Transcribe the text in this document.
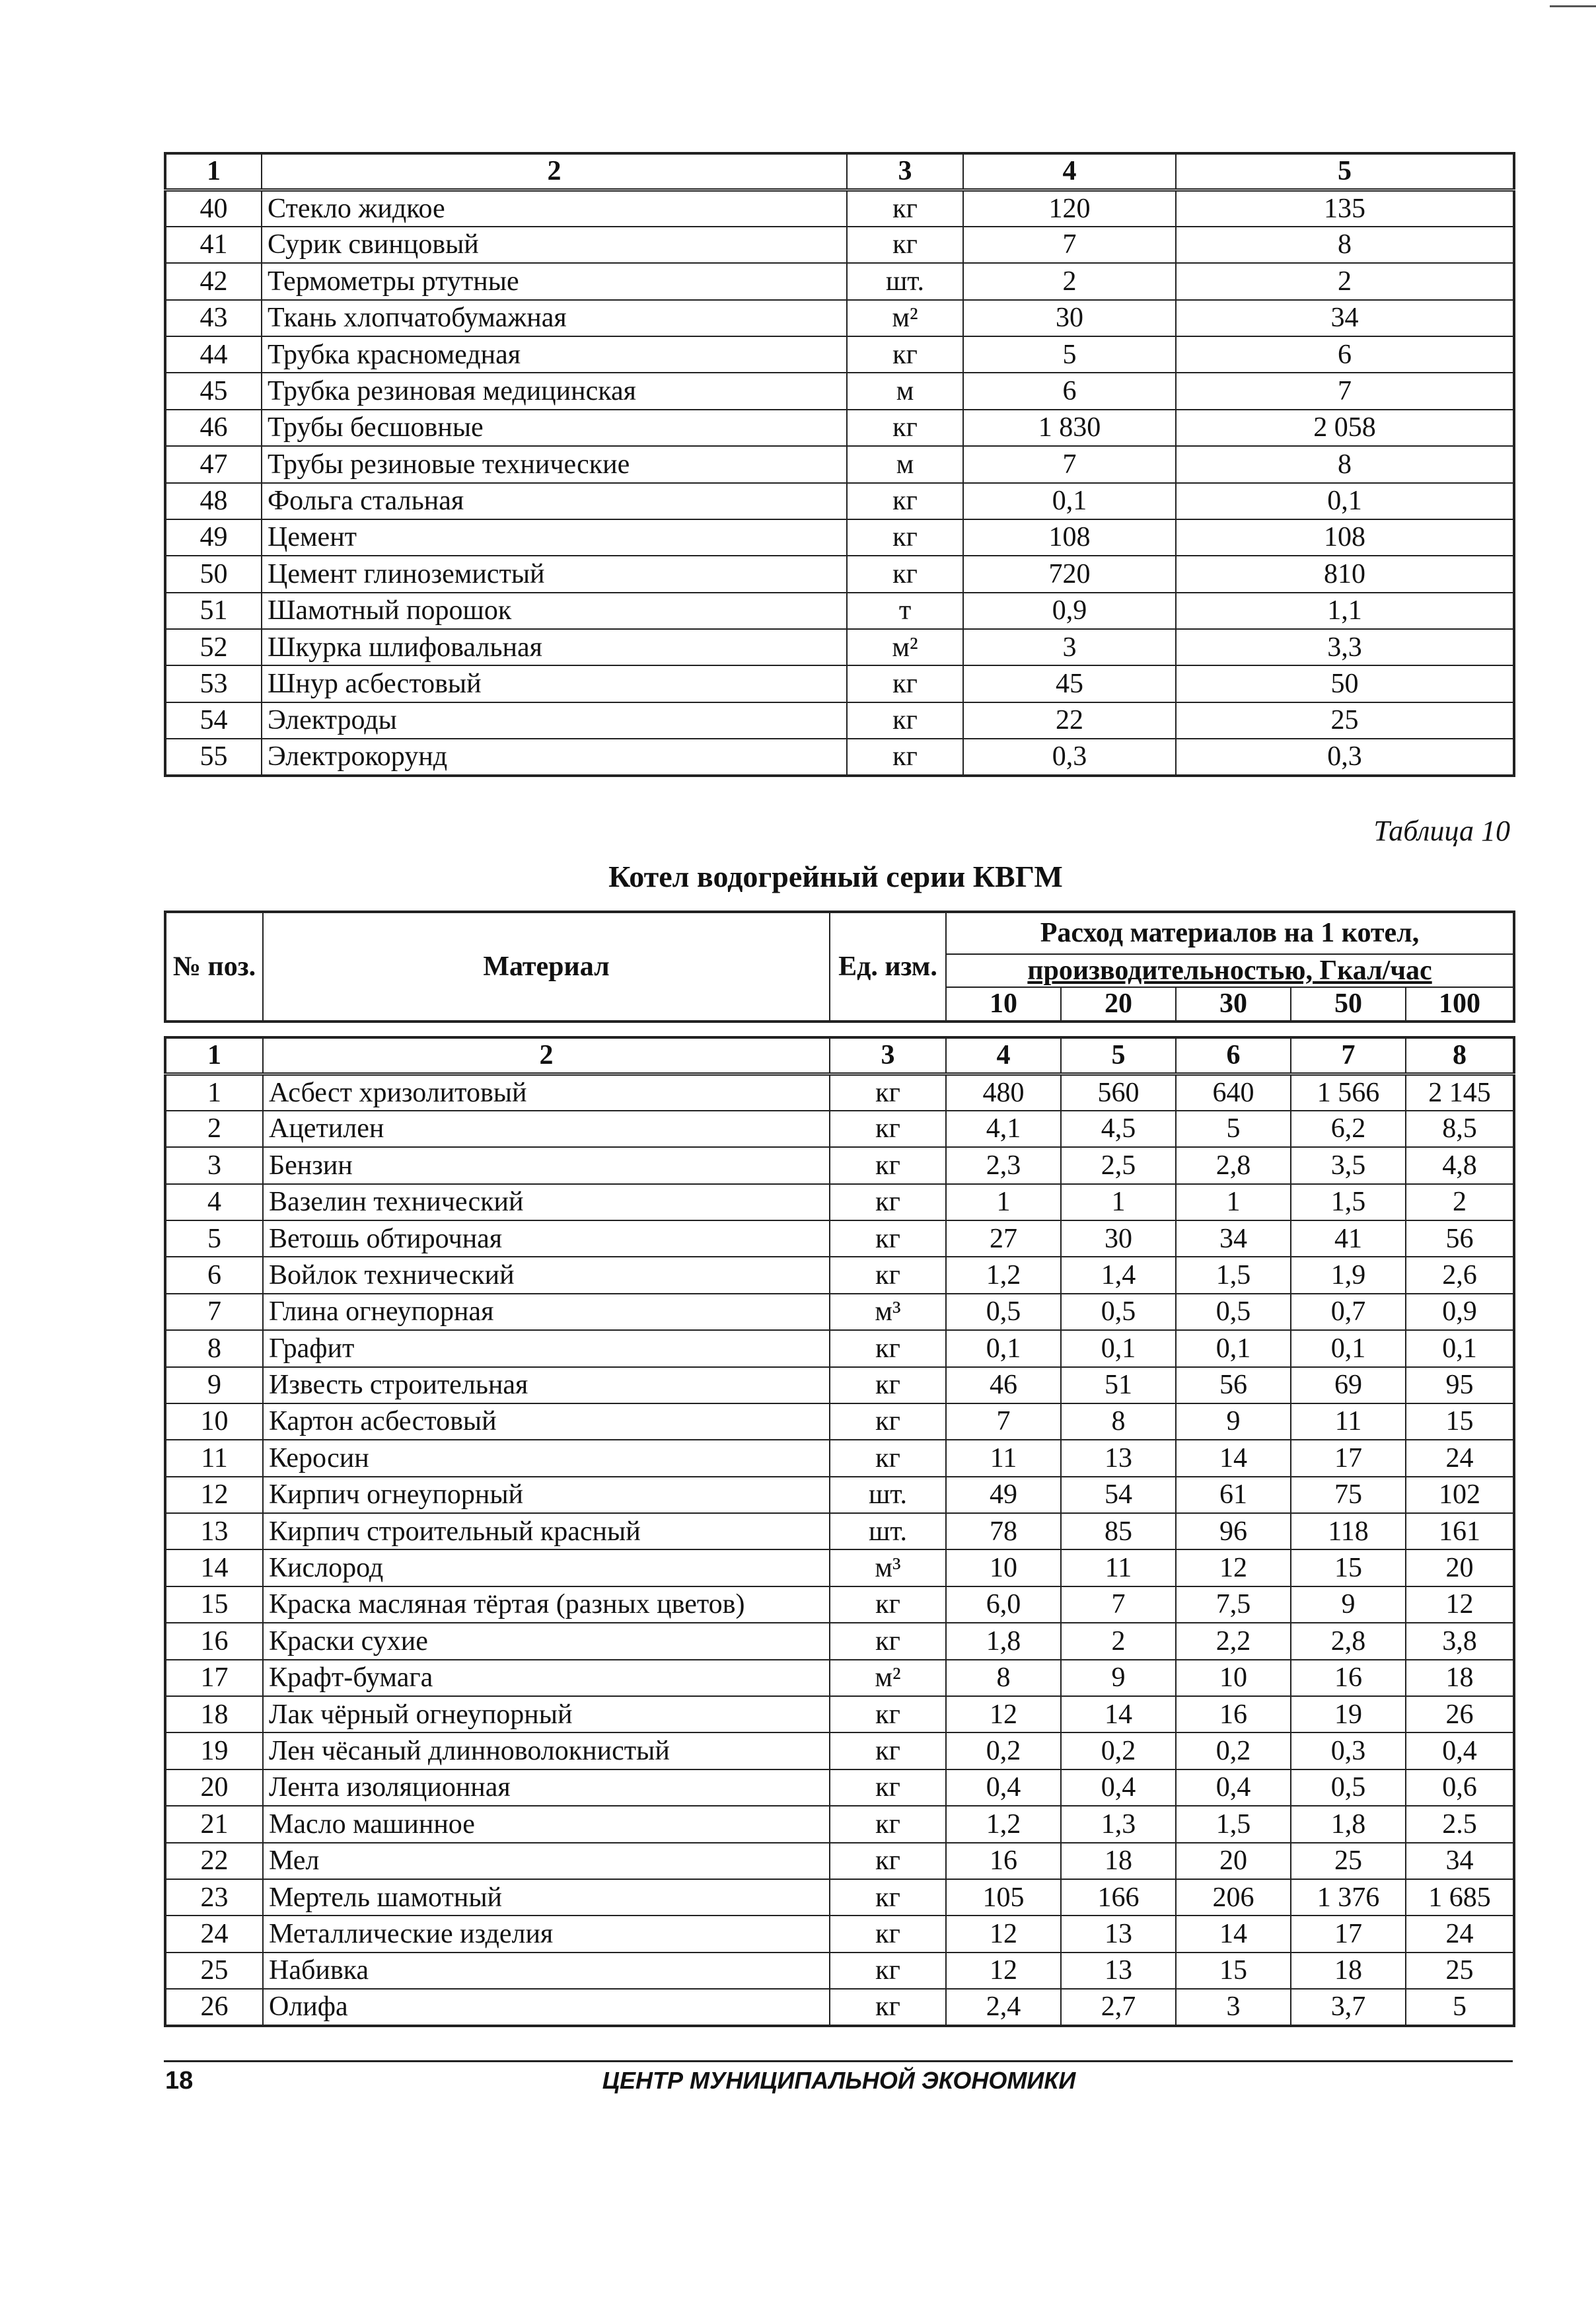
1	2	3	4	5
40	Стекло жидкое	кг	120	135
41	Сурик свинцовый	кг	7	8
42	Термометры ртутные	шт.	2	2
43	Ткань хлопчатобумажная	м²	30	34
44	Трубка красномедная	кг	5	6
45	Трубка резиновая медицинская	м	6	7
46	Трубы бесшовные	кг	1 830	2 058
47	Трубы резиновые технические	м	7	8
48	Фольга стальная	кг	0,1	0,1
49	Цемент	кг	108	108
50	Цемент глиноземистый	кг	720	810
51	Шамотный порошок	т	0,9	1,1
52	Шкурка шлифовальная	м²	3	3,3
53	Шнур асбестовый	кг	45	50
54	Электроды	кг	22	25
55	Электрокорунд	кг	0,3	0,3
Таблица 10
Котел водогрейный серии КВГМ
№ поз.	Материал	Ед. изм.	Расход материалов на 1 котел,				
			производительностью, Гкал/час				
			10	20	30	50	100
1	2	3	4	5	6	7	8
1	Асбест хризолитовый	кг	480	560	640	1 566	2 145
2	Ацетилен	кг	4,1	4,5	5	6,2	8,5
3	Бензин	кг	2,3	2,5	2,8	3,5	4,8
4	Вазелин технический	кг	1	1	1	1,5	2
5	Ветошь обтирочная	кг	27	30	34	41	56
6	Войлок технический	кг	1,2	1,4	1,5	1,9	2,6
7	Глина огнеупорная	м³	0,5	0,5	0,5	0,7	0,9
8	Графит	кг	0,1	0,1	0,1	0,1	0,1
9	Известь строительная	кг	46	51	56	69	95
10	Картон асбестовый	кг	7	8	9	11	15
11	Керосин	кг	11	13	14	17	24
12	Кирпич огнеупорный	шт.	49	54	61	75	102
13	Кирпич строительный красный	шт.	78	85	96	118	161
14	Кислород	м³	10	11	12	15	20
15	Краска масляная тёртая (разных цветов)	кг	6,0	7	7,5	9	12
16	Краски сухие	кг	1,8	2	2,2	2,8	3,8
17	Крафт-бумага	м²	8	9	10	16	18
18	Лак чёрный огнеупорный	кг	12	14	16	19	26
19	Лен чёсаный длинноволокнистый	кг	0,2	0,2	0,2	0,3	0,4
20	Лента изоляционная	кг	0,4	0,4	0,4	0,5	0,6
21	Масло машинное	кг	1,2	1,3	1,5	1,8	2.5
22	Мел	кг	16	18	20	25	34
23	Мертель шамотный	кг	105	166	206	1 376	1 685
24	Металлические изделия	кг	12	13	14	17	24
25	Набивка	кг	12	13	15	18	25
26	Олифа	кг	2,4	2,7	3	3,7	5
18	ЦЕНТР МУНИЦИПАЛЬНОЙ ЭКОНОМИКИ
